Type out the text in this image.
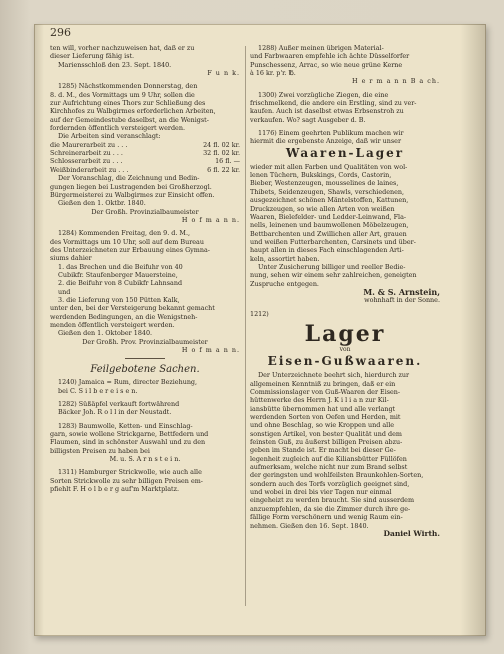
296

ten will, vorher nachzuweisen hat, daß er zu

dieser Lieferung fähig ist.

Mariensschloß den 23. Sept. 1840.

F u n k.

1285) Nächstkommenden Donnerstag, den

8. d. M., des Vormittags um 9 Uhr, sollen die

zur Aufrichtung eines Thors zur Schließung des

Kirchhofes zu Walbgirmes erforderlichen Arbeiten,

auf der Gemeindestube daselbst, an die Wenigst-

fordernden öffentlich versteigert werden.

Die Arbeiten sind veranschlagt:

die Maurerarbeit zu . . .	24 fl. 02 kr.
Schreinerarbeit zu . . .	32 fl. 02 kr.
Schlosserarbeit zu . . .	16 fl. —
Weißbinderarbeit zu . . .	6 fl. 22 kr.

Der Voranschlag, die Zeichnung und Bedin-

gungen liegen bei Lustragenden bei Großherzogl.

Bürgermeisterei zu Walbgirmes zur Einsicht offen.

Gießen den 1. Oktbr. 1840.

Der Großh. Provinzialbaumeister

H o f m a n n.

1284) Kommenden Freitag, den 9. d. M.,

des Vormittags um 10 Uhr, soll auf dem Bureau

des Unterzeichneten zur Erbauung eines Gymna-

siums dahier

1. das Brechen und die Beifuhr von 40

Cubikfr. Staufenberger Mauersteine,

2. die Beifuhr von 8 Cubikfr Lahnsand

und

3. die Lieferung von 150 Pütten Kalk,

unter den, bei der Versteigerung bekannt gemacht

werdenden Bedingungen, an die Wenigstneh-

menden öffentlich versteigert werden.

Gießen den 1. Oktober 1840.

Der Großh. Prov. Provinzialbaumeister

H o f m a n n.

Feilgebotene Sachen.

1240) Jamaica = Rum, directer Beziehung,

bei C. S i l b e r e i s e n.

1282) Süßäpfel verkauft fortwährend

Bäcker Joh. R o l l in der Neustadt.

1283) Baumwolle, Ketten- und Einschlag-

garn, sowie wollene Strickgarne, Bettfedern und

Flaumen, sind in schönster Auswahl und zu den

billigsten Preisen zu haben bei

M. u. S. A r n s t e i n.

1311) Hamburger Strickwolle, wie auch alle

Sorten Strickwolle zu sehr billigen Preisen em-

pfiehlt F. H o l b e r g auf'm Marktplatz.

1288) Außer meinen übrigen Material-

und Farbwaaren empfehle ich ächte Düsselforfer

Punschessenz, Arrac, so wie neue grüne Kerne

à 16 kr. p'r. ℔.

H e r m a n n B a ch.

1300) Zwei vorzügliche Ziegen, die eine

frischmelkend, die andere ein Erstling, sind zu ver-

kaufen. Auch ist daselbst etwas Erbsenstroh zu

verkaufen. Wo? sagt Ausgeber d. B.

1176) Einem geehrten Publikum machen wir

hiermit die ergebenste Anzeige, daß wir unser

Waaren-Lager

wieder mit allen Farben und Qualitäten von wol-

lenen Tüchern, Bukskings, Cords, Castorin,

Bieber, Westenzeugen, mousselines de laines,

Thibets, Seidenzeugen, Shawls, verschiedenen,

ausgezeichnet schönen Mäntelstoffen, Kattunen,

Druckzeugen, so wie allen Arten von weißen

Waaren, Bielefelder- und Ledder-Leinwand, Fla-

nells, leinenen und baumwollenen Möbelzeugen,

Bettbarchenten und Zwillichen aller Art, grauen

und weißen Futterbarchenten, Carsinets und über-

haupt allen in dieses Fach einschlagenden Arti-

keln, assortirt haben.

Unter Zusicherung billiger und reeller Bedie-

nung, sehen wir einem sehr zahlreichen, geneigten

Zuspruche entgegen.

M. & S. Arnstein,

wohnhaft in der Sonne.

1212)

Lager

von

Eisen-Gußwaaren.

Der Unterzeichnete beehrt sich, hierdurch zur

allgemeinen Kenntniß zu bringen, daß er ein

Commissionslager von Guß-Waaren der Eisen-

hüttenwerke des Herrn J. K i l i a n zur Kil-

iansbütte übernommen hat und alle verlangt

werdenden Sorten von Oefen und Herden, mit

und ohne Beschlag, so wie Kroppen und alle

sonstigen Artikel, von bester Qualität und dem

feinsten Guß, zu äußerst billigen Preisen abzu-

geben im Stande ist. Er macht bei dieser Ge-

legenheit zugleich auf die Kiliansbütter Füllöfen

aufmerksam, welche nicht nur zum Brand selbst

der geringsten und wohlfeilsten Braunkohlen-Sorten,

sondern auch des Torfs vorzüglich geeignet sind,

und wobei in drei bis vier Tagen nur einmal

eingeheizt zu werden braucht. Sie sind ausserdem

anzuempfehlen, da sie die Zimmer durch ihre ge-

fällige Form verschönern und wenig Raum ein-

nehmen. Gießen den 16. Sept. 1840.

Daniel Wirth.
